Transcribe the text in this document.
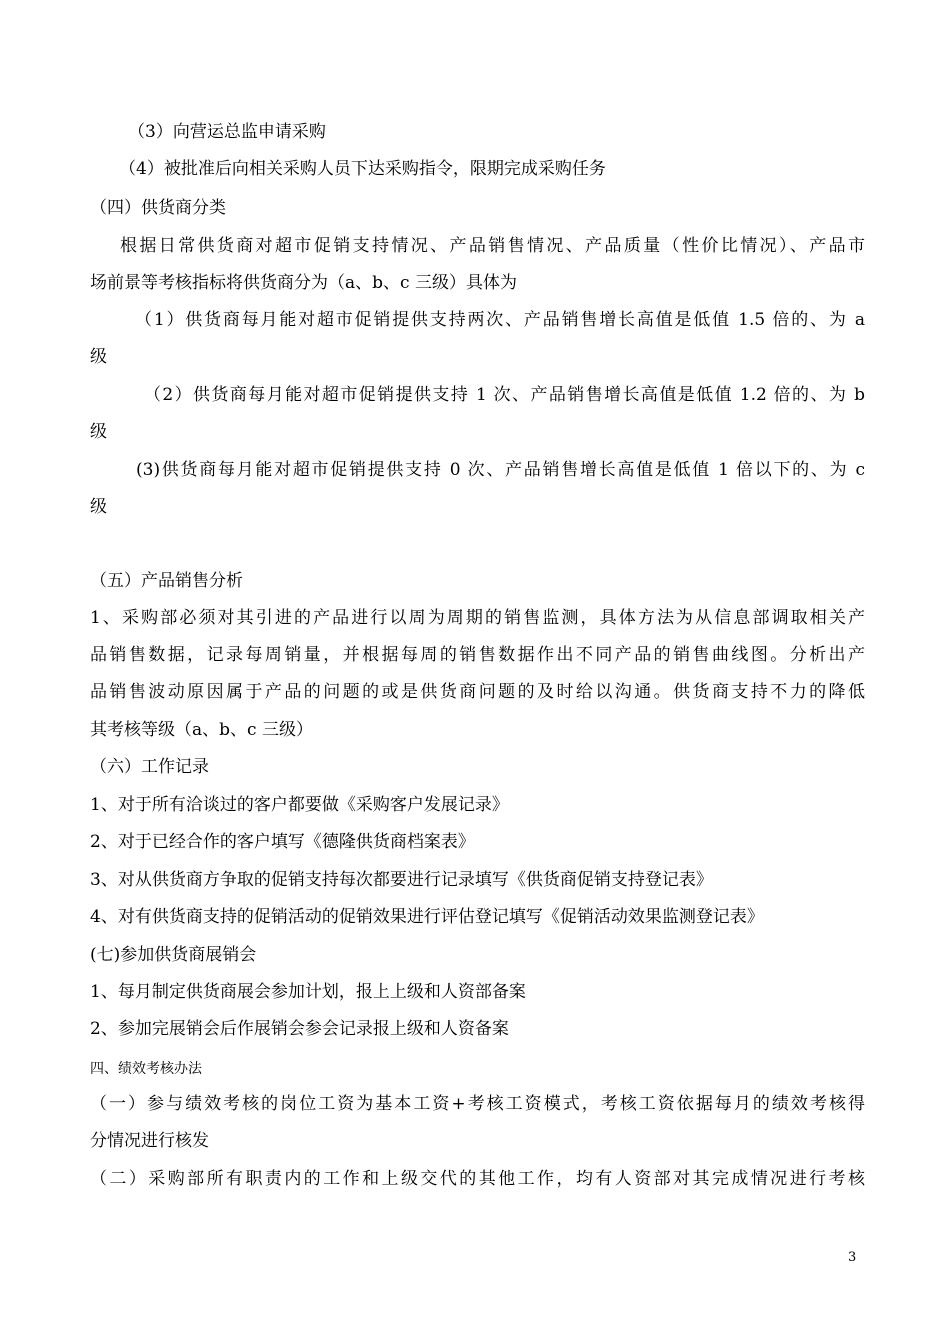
（3）向营运总监申请采购
（4）被批准后向相关采购人员下达采购指令，限期完成采购任务
（四）供货商分类
根据日常供货商对超市促销支持情况、产品销售情况、产品质量（性价比情况）、产品市
场前景等考核指标将供货商分为（a、b、c 三级）具体为
（1）供货商每月能对超市促销提供支持两次、产品销售增长高值是低值 1.5 倍的、为 a
级
（2）供货商每月能对超市促销提供支持 1 次、产品销售增长高值是低值 1.2 倍的、为 b
级
(3)供货商每月能对超市促销提供支持 0 次、产品销售增长高值是低值 1 倍以下的、为 c
级
（五）产品销售分析
1、采购部必须对其引进的产品进行以周为周期的销售监测，具体方法为从信息部调取相关产
品销售数据，记录每周销量，并根据每周的销售数据作出不同产品的销售曲线图。分析出产
品销售波动原因属于产品的问题的或是供货商问题的及时给以沟通。供货商支持不力的降低
其考核等级（a、b、c 三级）
（六）工作记录
1、对于所有洽谈过的客户都要做《采购客户发展记录》
2、对于已经合作的客户填写《德隆供货商档案表》
3、对从供货商方争取的促销支持每次都要进行记录填写《供货商促销支持登记表》
4、对有供货商支持的促销活动的促销效果进行评估登记填写《促销活动效果监测登记表》
(七)参加供货商展销会
1、每月制定供货商展会参加计划，报上上级和人资部备案
2、参加完展销会后作展销会参会记录报上级和人资备案
四、绩效考核办法
（一）参与绩效考核的岗位工资为基本工资+考核工资模式，考核工资依据每月的绩效考核得
分情况进行核发
（二）采购部所有职责内的工作和上级交代的其他工作，均有人资部对其完成情况进行考核
3
